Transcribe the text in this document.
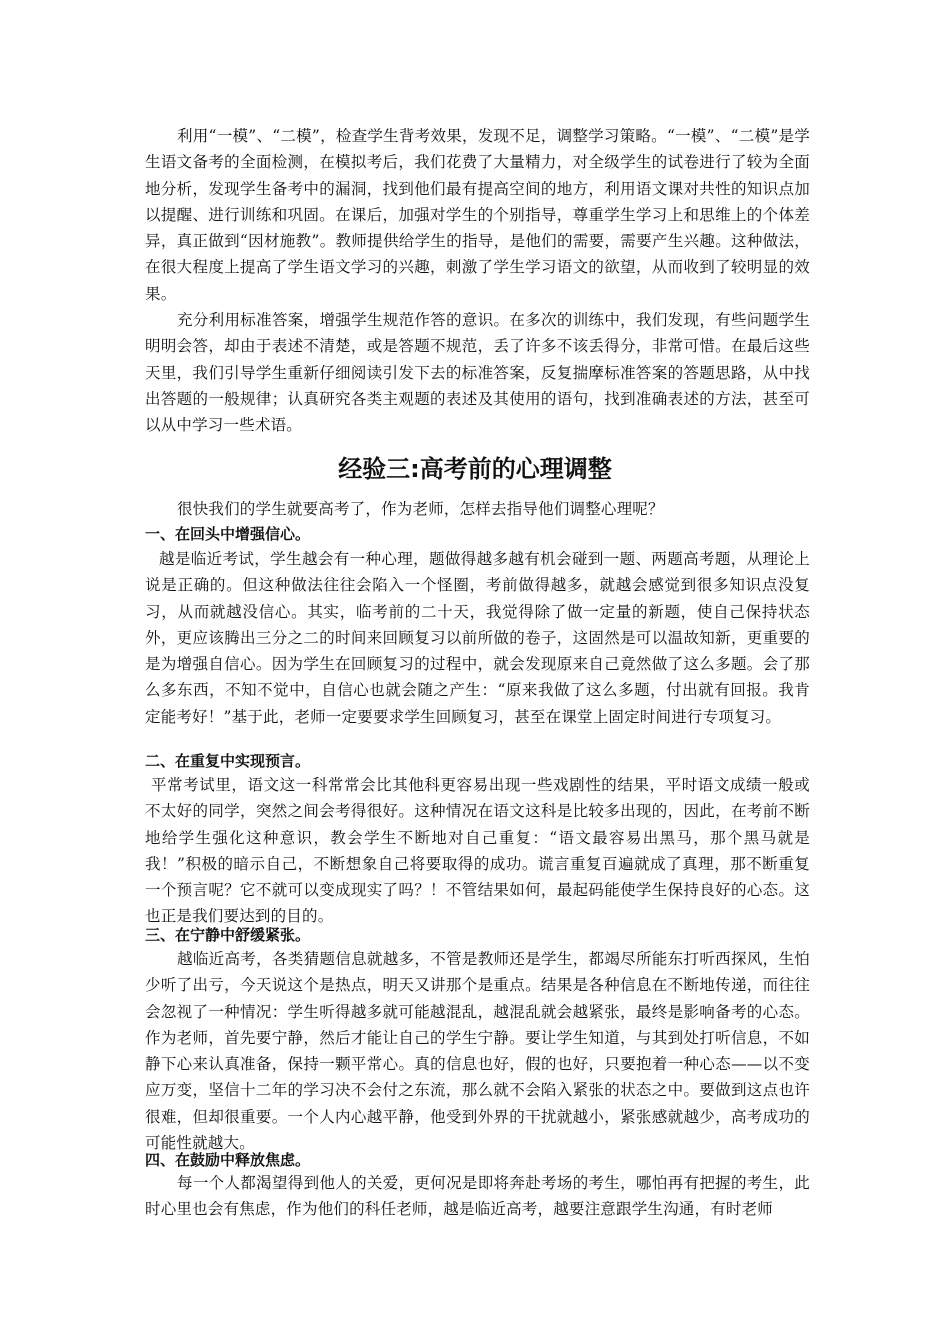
利用“一模”、“二模”，检查学生背考效果，发现不足，调整学习策略。“一模”、“二模”是学生语文备考的全面检测，在模拟考后，我们花费了大量精力，对全级学生的试卷进行了较为全面地分析，发现学生备考中的漏洞，找到他们最有提高空间的地方，利用语文课对共性的知识点加以提醒、进行训练和巩固。在课后，加强对学生的个别指导，尊重学生学习上和思维上的个体差异，真正做到“因材施教”。教师提供给学生的指导，是他们的需要，需要产生兴趣。这种做法，在很大程度上提高了学生语文学习的兴趣，刺激了学生学习语文的欲望，从而收到了较明显的效果。

充分利用标准答案，增强学生规范作答的意识。在多次的训练中，我们发现，有些问题学生明明会答，却由于表述不清楚，或是答题不规范，丢了许多不该丢得分，非常可惜。在最后这些天里，我们引导学生重新仔细阅读引发下去的标准答案，反复揣摩标准答案的答题思路，从中找出答题的一般规律；认真研究各类主观题的表述及其使用的语句，找到准确表述的方法，甚至可以从中学习一些术语。

经验三:高考前的心理调整

很快我们的学生就要高考了，作为老师，怎样去指导他们调整心理呢？

一、在回头中增强信心。

越是临近考试，学生越会有一种心理，题做得越多越有机会碰到一题、两题高考题，从理论上说是正确的。但这种做法往往会陷入一个怪圈，考前做得越多，就越会感觉到很多知识点没复习，从而就越没信心。其实，临考前的二十天，我觉得除了做一定量的新题，使自己保持状态外，更应该腾出三分之二的时间来回顾复习以前所做的卷子，这固然是可以温故知新，更重要的是为增强自信心。因为学生在回顾复习的过程中，就会发现原来自己竟然做了这么多题。会了那么多东西，不知不觉中，自信心也就会随之产生：“原来我做了这么多题，付出就有回报。我肯定能考好！”基于此，老师一定要要求学生回顾复习，甚至在课堂上固定时间进行专项复习。

二、在重复中实现预言。

平常考试里，语文这一科常常会比其他科更容易出现一些戏剧性的结果，平时语文成绩一般或不太好的同学，突然之间会考得很好。这种情况在语文这科是比较多出现的，因此，在考前不断地给学生强化这种意识，教会学生不断地对自己重复：“语文最容易出黑马，那个黑马就是我！”积极的暗示自己，不断想象自己将要取得的成功。谎言重复百遍就成了真理，那不断重复一个预言呢？它不就可以变成现实了吗？！不管结果如何，最起码能使学生保持良好的心态。这也正是我们要达到的目的。

三、在宁静中舒缓紧张。

越临近高考，各类猜题信息就越多，不管是教师还是学生，都竭尽所能东打听西探风，生怕少听了出亏，今天说这个是热点，明天又讲那个是重点。结果是各种信息在不断地传递，而往往会忽视了一种情况：学生听得越多就可能越混乱，越混乱就会越紧张，最终是影响备考的心态。作为老师，首先要宁静，然后才能让自己的学生宁静。要让学生知道，与其到处打听信息，不如静下心来认真准备，保持一颗平常心。真的信息也好，假的也好，只要抱着一种心态——以不变应万变，坚信十二年的学习决不会付之东流，那么就不会陷入紧张的状态之中。要做到这点也许很难，但却很重要。一个人内心越平静，他受到外界的干扰就越小，紧张感就越少，高考成功的可能性就越大。

四、在鼓励中释放焦虑。

每一个人都渴望得到他人的关爱，更何况是即将奔赴考场的考生，哪怕再有把握的考生，此时心里也会有焦虑，作为他们的科任老师，越是临近高考，越要注意跟学生沟通，有时老师
